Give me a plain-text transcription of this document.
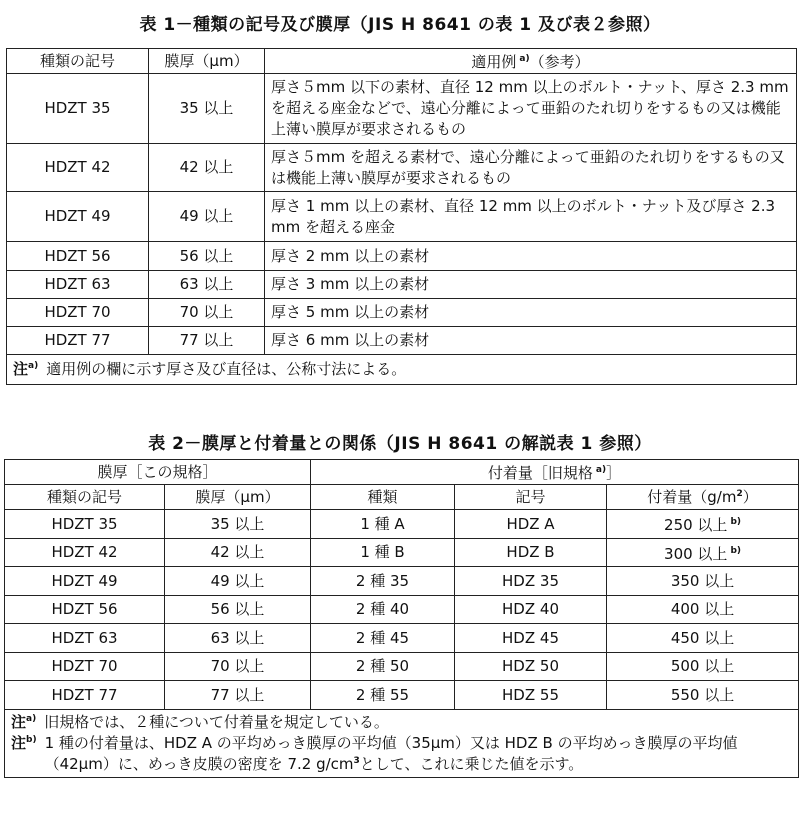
表 1－種類の記号及び膜厚（JIS H 8641 の表 1 及び表２参照）
種類の記号	膜厚（μm）	適用例 $^{a)}$（参考）
HDZT 35	35 以上	厚さ５mm 以下の素材、直径 12 mm 以上のボルト・ナット、厚さ 2.3 mm を超える座金などで、遠心分離によって亜鉛のたれ切りをするもの又は機能上薄い膜厚が要求されるもの
HDZT 42	42 以上	厚さ５mm を超える素材で、遠心分離によって亜鉛のたれ切りをするもの又は機能上薄い膜厚が要求されるもの
HDZT 49	49 以上	厚さ 1 mm 以上の素材、直径 12 mm 以上のボルト・ナット及び厚さ 2.3 mm を超える座金
HDZT 56	56 以上	厚さ 2 mm 以上の素材
HDZT 63	63 以上	厚さ 3 mm 以上の素材
HDZT 70	70 以上	厚さ 5 mm 以上の素材
HDZT 77	77 以上	厚さ 6 mm 以上の素材

注$^{a)}$ 適用例の欄に示す厚さ及び直径は、公称寸法による。		
表 2－膜厚と付着量との関係（JIS H 8641 の解説表 1 参照）
膜厚［この規格］		付着量［旧規格 $^{a)}$］		
種類の記号	膜厚（μm）	種類	記号	付着量$(g/m^2)$
HDZT 35	35 以上	1 種 A	HDZ A	250 以上 $^{b)}$
HDZT 42	42 以上	1 種 B	HDZ B	300 以上 $^{b)}$
HDZT 49	49 以上	2 種 35	HDZ 35	350 以上
HDZT 56	56 以上	2 種 40	HDZ 40	400 以上
HDZT 63	63 以上	2 種 45	HDZ 45	450 以上
HDZT 70	70 以上	2 種 50	HDZ 50	500 以上
HDZT 77	77 以上	2 種 55	HDZ 55	550 以上

注$^{a)}$ 旧規格では、２種について付着量を規定している。
注$^{b)}$ 1 種の付着量は、HDZ A の平均めっき膜厚の平均値（35μm）又は HDZ B の平均めっき膜厚の平均値（42μm）に、めっき皮膜の密度を 7.2 $g/cm^3$として、これに乗じた値を示す。				
